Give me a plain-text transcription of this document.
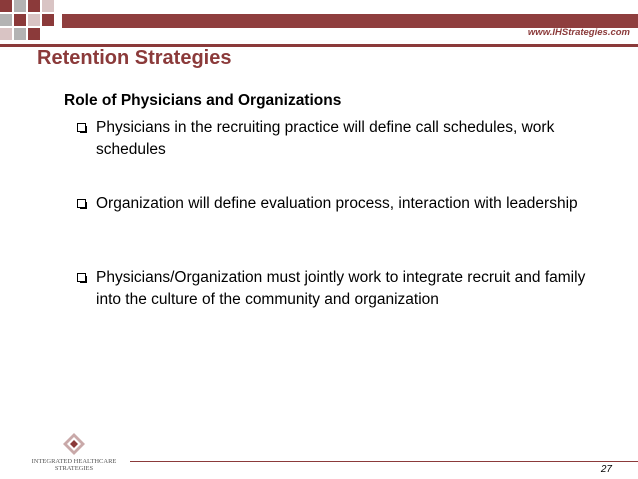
www.IHStrategies.com
Retention Strategies
Role of Physicians and Organizations
Physicians in the recruiting practice will define call schedules, work schedules
Organization will define evaluation process, interaction with leadership
Physicians/Organization must jointly work to integrate recruit and family into the culture of the community and organization
INTEGRATED HEALTHCARE STRATEGIES	27
